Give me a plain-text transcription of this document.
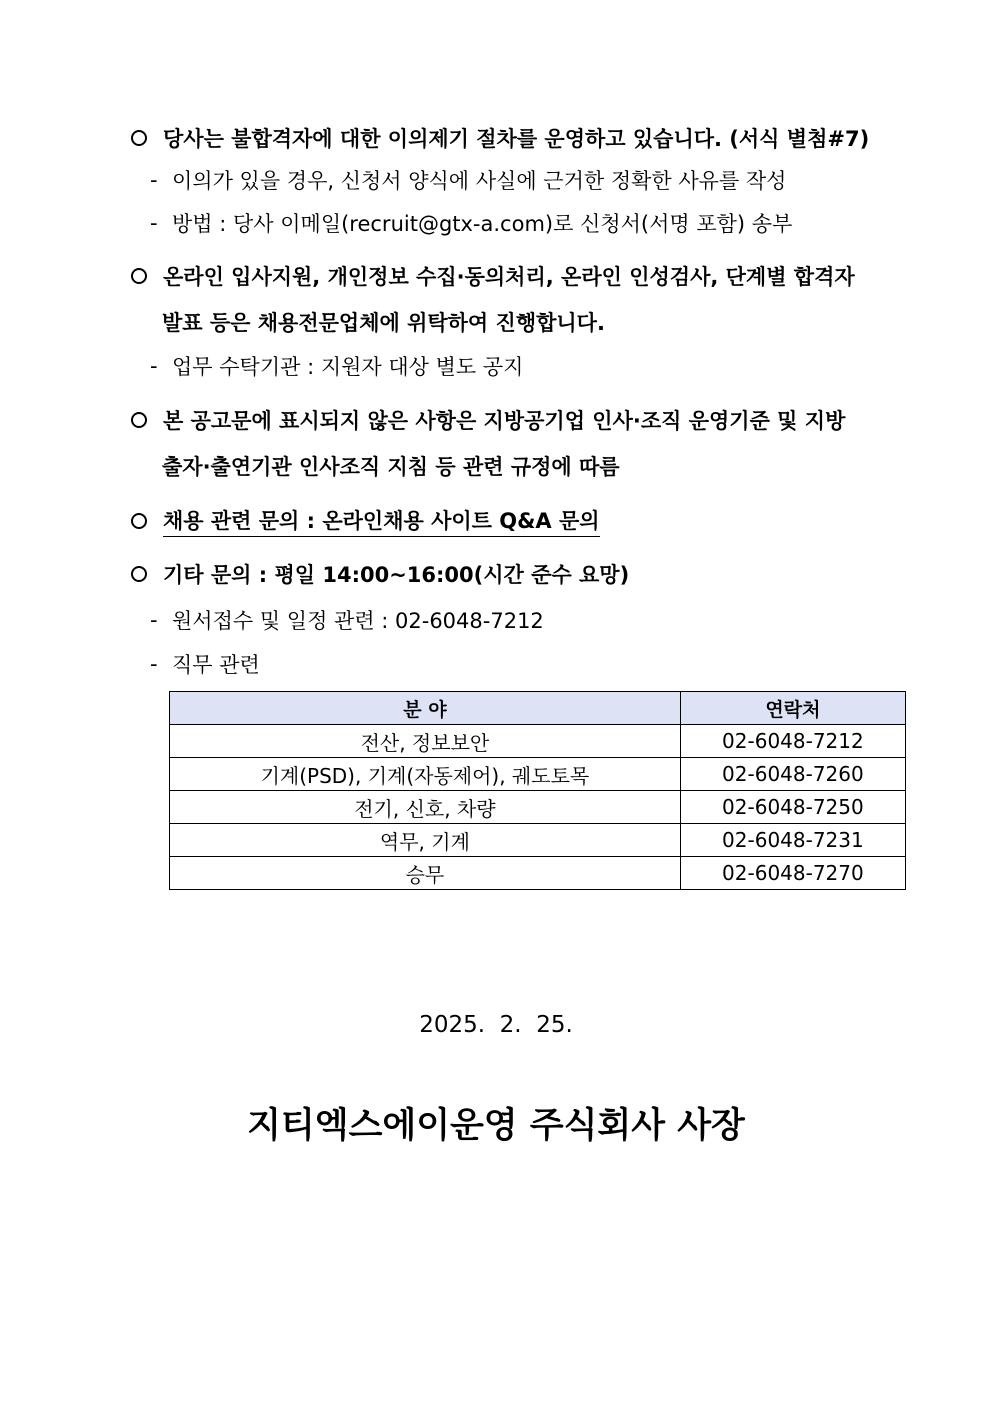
당사는 불합격자에 대한 이의제기 절차를 운영하고 있습니다. (서식 별첨#7)
- 이의가 있을 경우, 신청서 양식에 사실에 근거한 정확한 사유를 작성
- 방법 : 당사 이메일(recruit@gtx-a.com)로 신청서(서명 포함) 송부
온라인 입사지원, 개인정보 수집·동의처리, 온라인 인성검사, 단계별 합격자
발표 등은 채용전문업체에 위탁하여 진행합니다.
- 업무 수탁기관 : 지원자 대상 별도 공지
본 공고문에 표시되지 않은 사항은 지방공기업 인사·조직 운영기준 및 지방
출자·출연기관 인사조직 지침 등 관련 규정에 따름
채용 관련 문의 : 온라인채용 사이트 Q&A 문의
기타 문의 : 평일 14:00~16:00(시간 준수 요망)
- 원서접수 및 일정 관련 : 02-6048-7212
- 직무 관련
분 야	연락처
전산, 정보보안	02-6048-7212
기계(PSD), 기계(자동제어), 궤도토목	02-6048-7260
전기, 신호, 차량	02-6048-7250
역무, 기계	02-6048-7231
승무	02-6048-7270
2025.  2.  25.
지티엑스에이운영 주식회사 사장
